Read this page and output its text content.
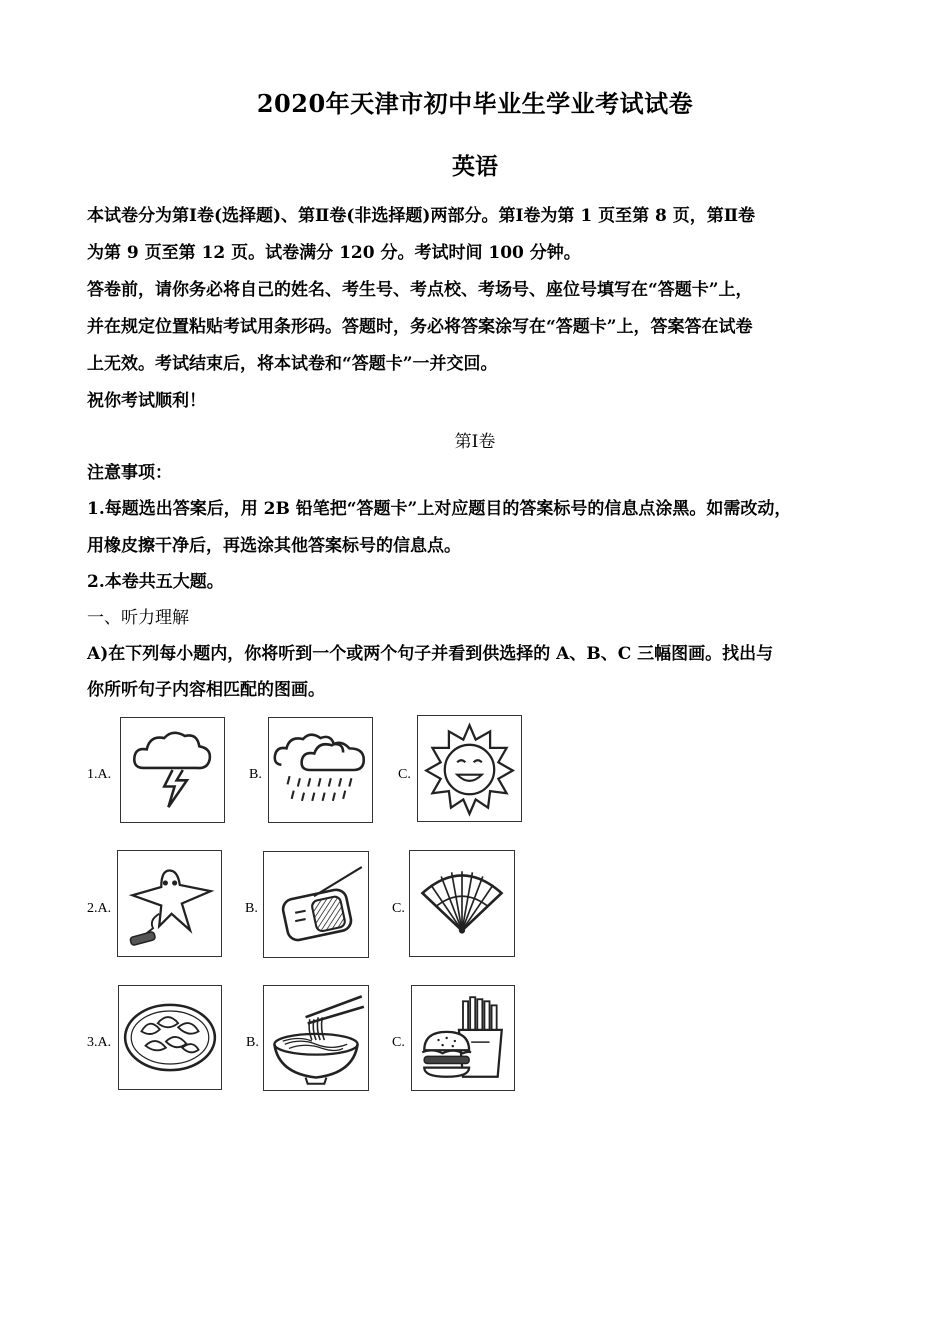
2020年天津市初中毕业生学业考试试卷
英语
本试卷分为第Ⅰ卷(选择题)、第Ⅱ卷(非选择题)两部分。第Ⅰ卷为第 1 页至第 8 页，第Ⅱ卷
为第 9 页至第 12 页。试卷满分 120 分。考试时间 100 分钟。
答卷前，请你务必将自己的姓名、考生号、考点校、考场号、座位号填写在“答题卡”上，
并在规定位置粘贴考试用条形码。答题时，务必将答案涂写在“答题卡”上，答案答在试卷
上无效。考试结束后，将本试卷和“答题卡”一并交回。
祝你考试顺利！
第Ⅰ卷
注意事项：
1.每题选出答案后，用 2B 铅笔把“答题卡”上对应题目的答案标号的信息点涂黑。如需改动，
用橡皮擦干净后，再选涂其他答案标号的信息点。
2.本卷共五大题。
一、听力理解
A)在下列每小题内，你将听到一个或两个句子并看到供选择的 A、B、C 三幅图画。找出与
你所听句子内容相匹配的图画。
1.A.	B.	C.
2.A.	B.	C.
3.A.	B.	C.
